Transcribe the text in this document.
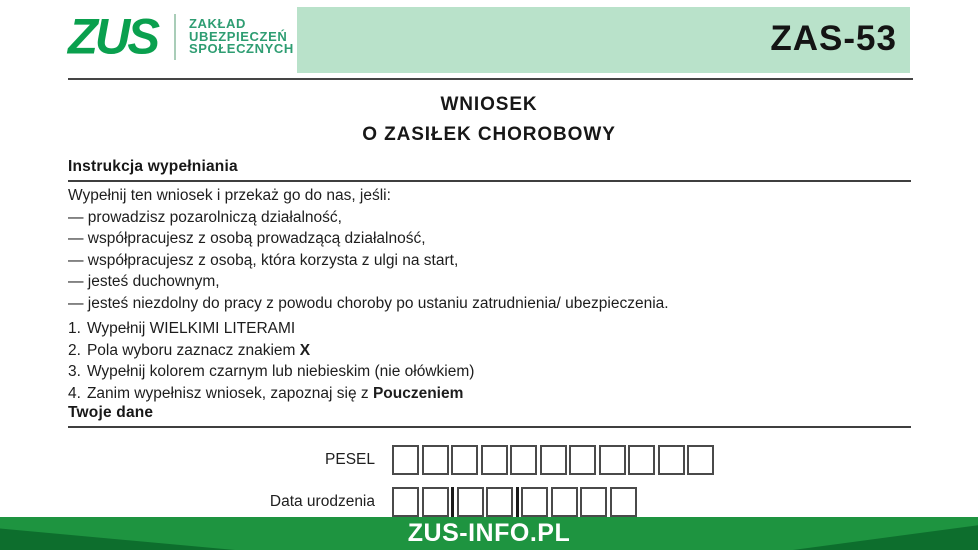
ZAS-53
ZUS	ZAKŁAD
UBEZPIECZEŃ
SPOŁECZNYCH
WNIOSEK
O ZASIŁEK CHOROBOWY
Instrukcja wypełniania
Wypełnij ten wniosek i przekaż go do nas, jeśli:
— prowadzisz pozarolniczą działalność,
— współpracujesz z osobą prowadzącą działalność,
— współpracujesz z osobą, która korzysta z ulgi na start,
— jesteś duchownym,
— jesteś niezdolny do pracy z powodu choroby po ustaniu zatrudnienia/ ubezpieczenia.
1. Wypełnij WIELKIMI LITERAMI
2. Pola wyboru zaznacz znakiem X
3. Wypełnij kolorem czarnym lub niebieskim (nie ołówkiem)
4. Zanim wypełnisz wniosek, zapoznaj się z Pouczeniem
Twoje dane
PESEL
Data urodzenia
ZUS-INFO.PL
